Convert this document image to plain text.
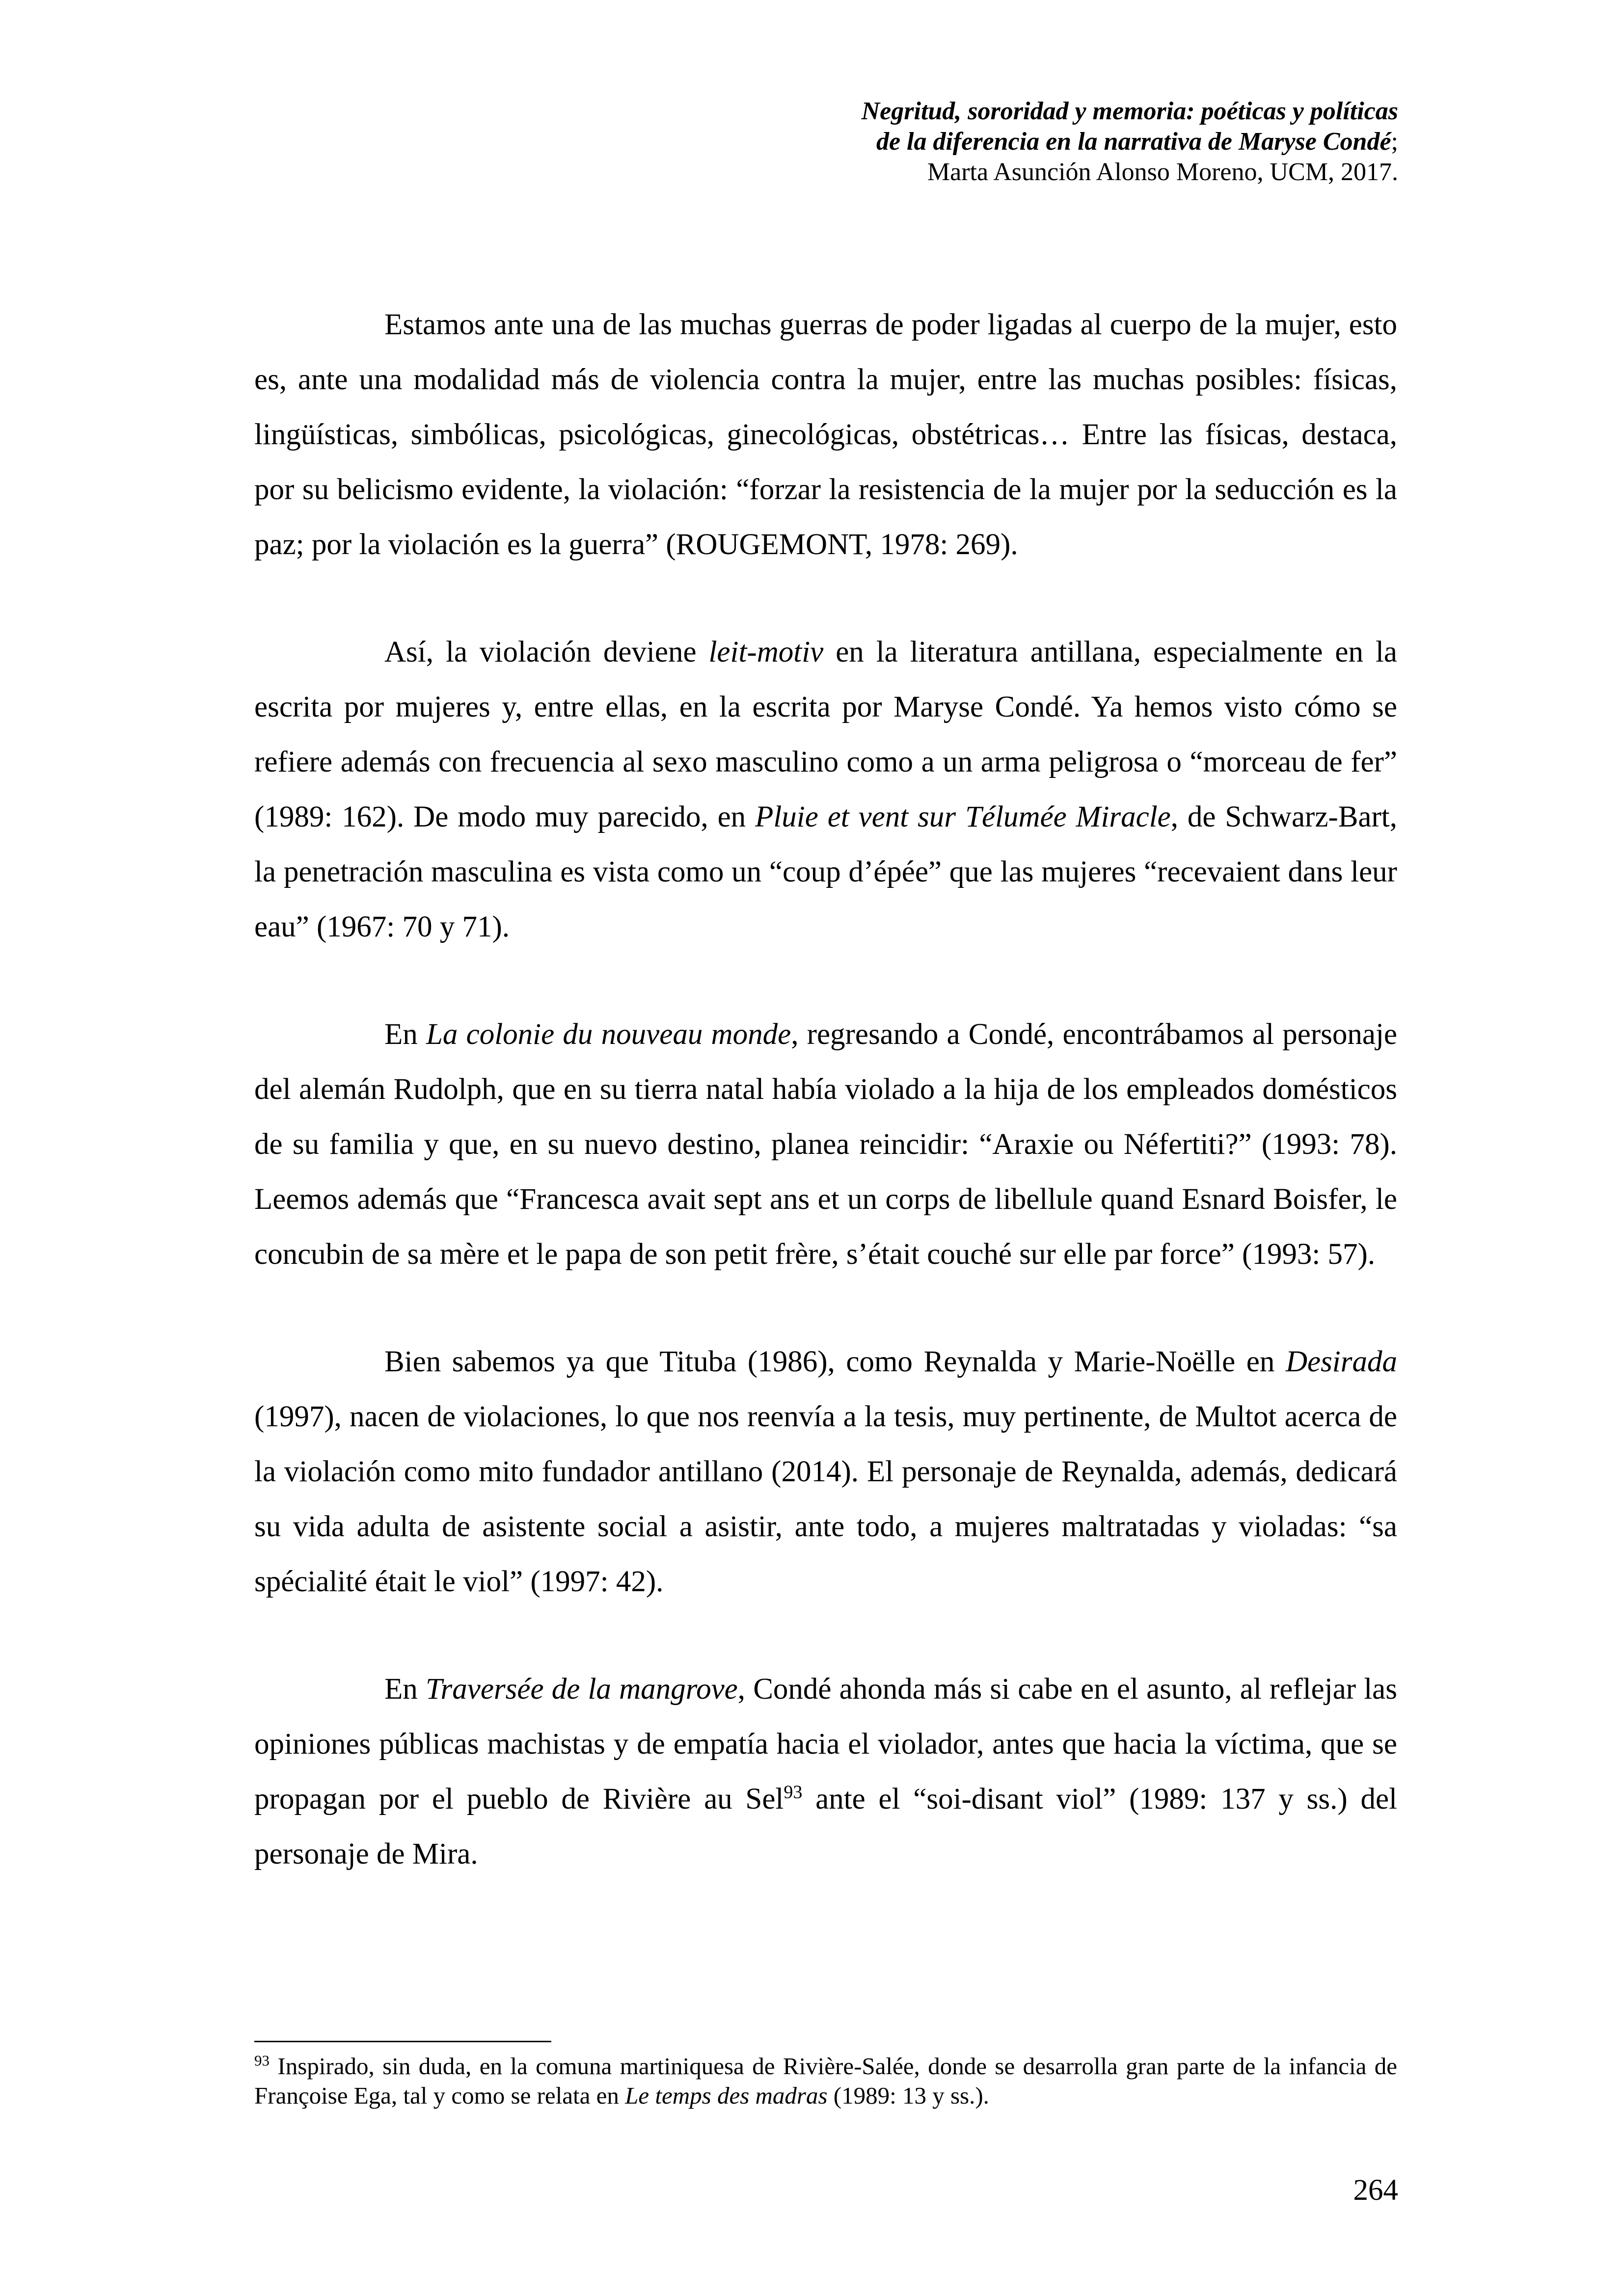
Negritud, sororidad y memoria: poéticas y políticas
de la diferencia en la narrativa de Maryse Condé;
Marta Asunción Alonso Moreno, UCM, 2017.

Estamos ante una de las muchas guerras de poder ligadas al cuerpo de la mujer, esto es, ante una modalidad más de violencia contra la mujer, entre las muchas posibles: físicas, lingüísticas, simbólicas, psicológicas, ginecológicas, obstétricas… Entre las físicas, destaca, por su belicismo evidente, la violación: “forzar la resistencia de la mujer por la seducción es la paz; por la violación es la guerra” (ROUGEMONT, 1978: 269).

Así, la violación deviene leit-motiv en la literatura antillana, especialmente en la escrita por mujeres y, entre ellas, en la escrita por Maryse Condé. Ya hemos visto cómo se refiere además con frecuencia al sexo masculino como a un arma peligrosa o “morceau de fer” (1989: 162). De modo muy parecido, en Pluie et vent sur Télumée Miracle, de Schwarz-Bart, la penetración masculina es vista como un “coup d’épée” que las mujeres “recevaient dans leur eau” (1967: 70 y 71).

En La colonie du nouveau monde, regresando a Condé, encontrábamos al personaje del alemán Rudolph, que en su tierra natal había violado a la hija de los empleados domésticos de su familia y que, en su nuevo destino, planea reincidir: “Araxie ou Néfertiti?” (1993: 78). Leemos además que “Francesca avait sept ans et un corps de libellule quand Esnard Boisfer, le concubin de sa mère et le papa de son petit frère, s’était couché sur elle par force” (1993: 57).

Bien sabemos ya que Tituba (1986), como Reynalda y Marie-Noëlle en Desirada (1997), nacen de violaciones, lo que nos reenvía a la tesis, muy pertinente, de Multot acerca de la violación como mito fundador antillano (2014). El personaje de Reynalda, además, dedicará su vida adulta de asistente social a asistir, ante todo, a mujeres maltratadas y violadas: “sa spécialité était le viol” (1997: 42).

En Traversée de la mangrove, Condé ahonda más si cabe en el asunto, al reflejar las opiniones públicas machistas y de empatía hacia el violador, antes que hacia la víctima, que se propagan por el pueblo de Rivière au Sel$^{93}$ ante el “soi-disant viol” (1989: 137 y ss.) del personaje de Mira.

$^{93}$ Inspirado, sin duda, en la comuna martiniquesa de Rivière-Salée, donde se desarrolla gran parte de la infancia de Françoise Ega, tal y como se relata en Le temps des madras (1989: 13 y ss.).
264
